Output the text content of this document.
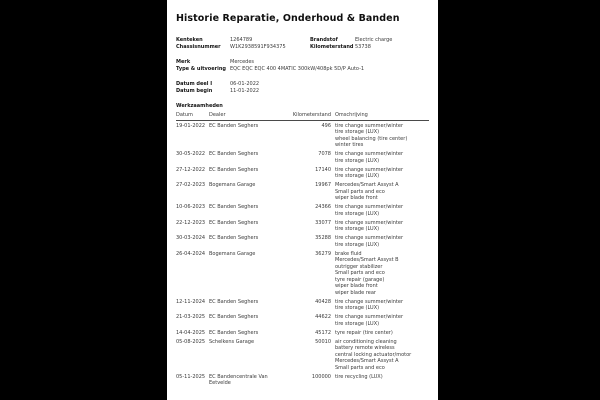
Historie Reparatie, Onderhoud & Banden
Kenteken	1264789	Brandstof	Electric charge
Chassisnummer	W1K2938591F934375	Kilometerstand 53738
Merk	Mercedes
Type & uitvoering EQC EQC EQC 400 4MATIC 300kW/408pk 5D/P Auto-1
Datum deel I	06-01-2022
Datum begin	11-01-2022
Werkzaamheden
Datum	Dealer	Kilometerstand Omschrijving
19-01-2022 EC Banden Seghers	496 tire change summer/winter
tire storage (LUX)
wheel balancing (tire center)
winter tires
30-05-2022 EC Banden Seghers	7078 tire change summer/winter
tire storage (LUX)
27-12-2022 EC Banden Seghers	17140 tire change summer/winter
tire storage (LUX)
27-02-2023 Bogemans Garage	19967 Mercedes/Smart Assyst A
Small parts and eco
wiper blade front
10-06-2023 EC Banden Seghers	24366 tire change summer/winter
tire storage (LUX)
22-12-2023 EC Banden Seghers	33077 tire change summer/winter
tire storage (LUX)
30-03-2024 EC Banden Seghers	35288 tire change summer/winter
tire storage (LUX)
26-04-2024 Bogemans Garage	36279 brake fluid
Mercedes/Smart Assyst B
outrigger stabilizer
Small parts and eco
tyre repair (garage)
wiper blade front
wiper blade rear
12-11-2024 EC Banden Seghers	40428 tire change summer/winter
tire storage (LUX)
21-03-2025 EC Banden Seghers	44622 tire change summer/winter
tire storage (LUX)
14-04-2025 EC Banden Seghers	45172 tyre repair (tire center)
05-08-2025 Schelkens Garage	50010 air conditioning cleaning
battery remote wireless
central locking actuator/motor
Mercedes/Smart Assyst A
Small parts and eco
05-11-2025 EC Bandencentrale Van Eetvelde
100000 tire recycling (LUX)
